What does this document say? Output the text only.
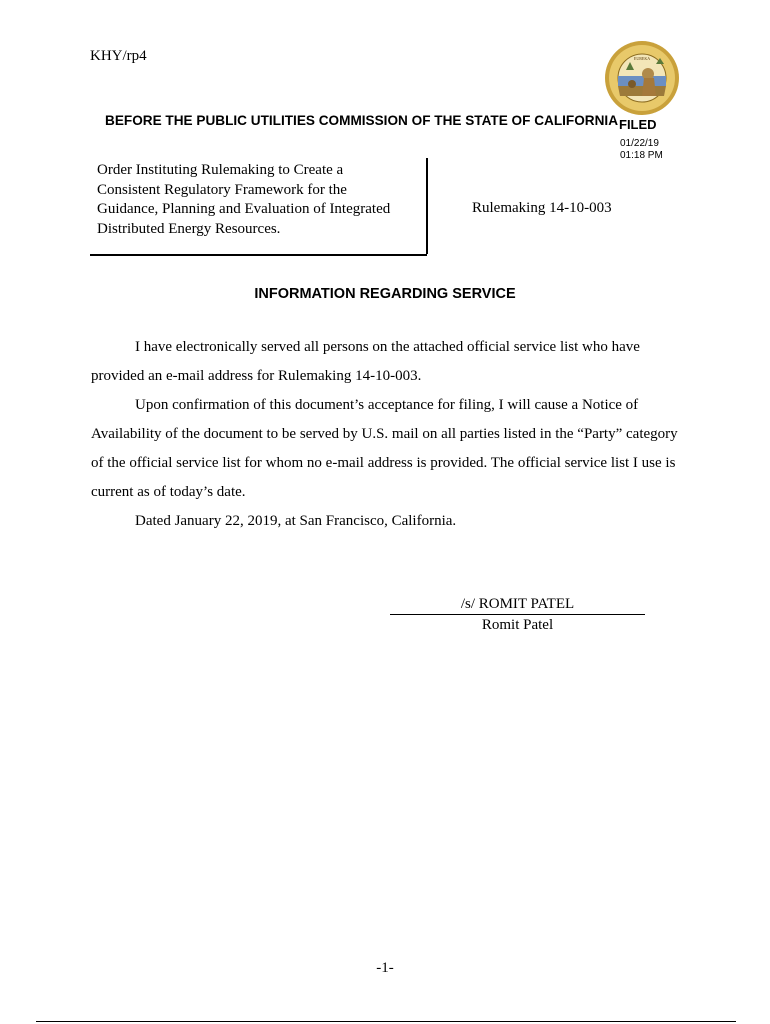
KHY/rp4	EUREKA
BEFORE THE PUBLIC UTILITIES COMMISSION OF THE STATE OF CALIFORNIA FILED
01/22/19
01:18 PM
Order Instituting Rulemaking to Create a
Consistent Regulatory Framework for the
Guidance, Planning and Evaluation of Integrated
Distributed Energy Resources.
Rulemaking 14-10-003
INFORMATION REGARDING SERVICE

I have electronically served all persons on the attached official service list who have provided an e-mail address for Rulemaking 14-10-003.

Upon confirmation of this document’s acceptance for filing, I will cause a Notice of Availability of the document to be served by U.S. mail on all parties listed in the “Party” category of the official service list for whom no e-mail address is provided. The official service list I use is current as of today’s date.

Dated January 22, 2019, at San Francisco, California.

/s/ ROMIT PATEL
Romit Patel
-1-
